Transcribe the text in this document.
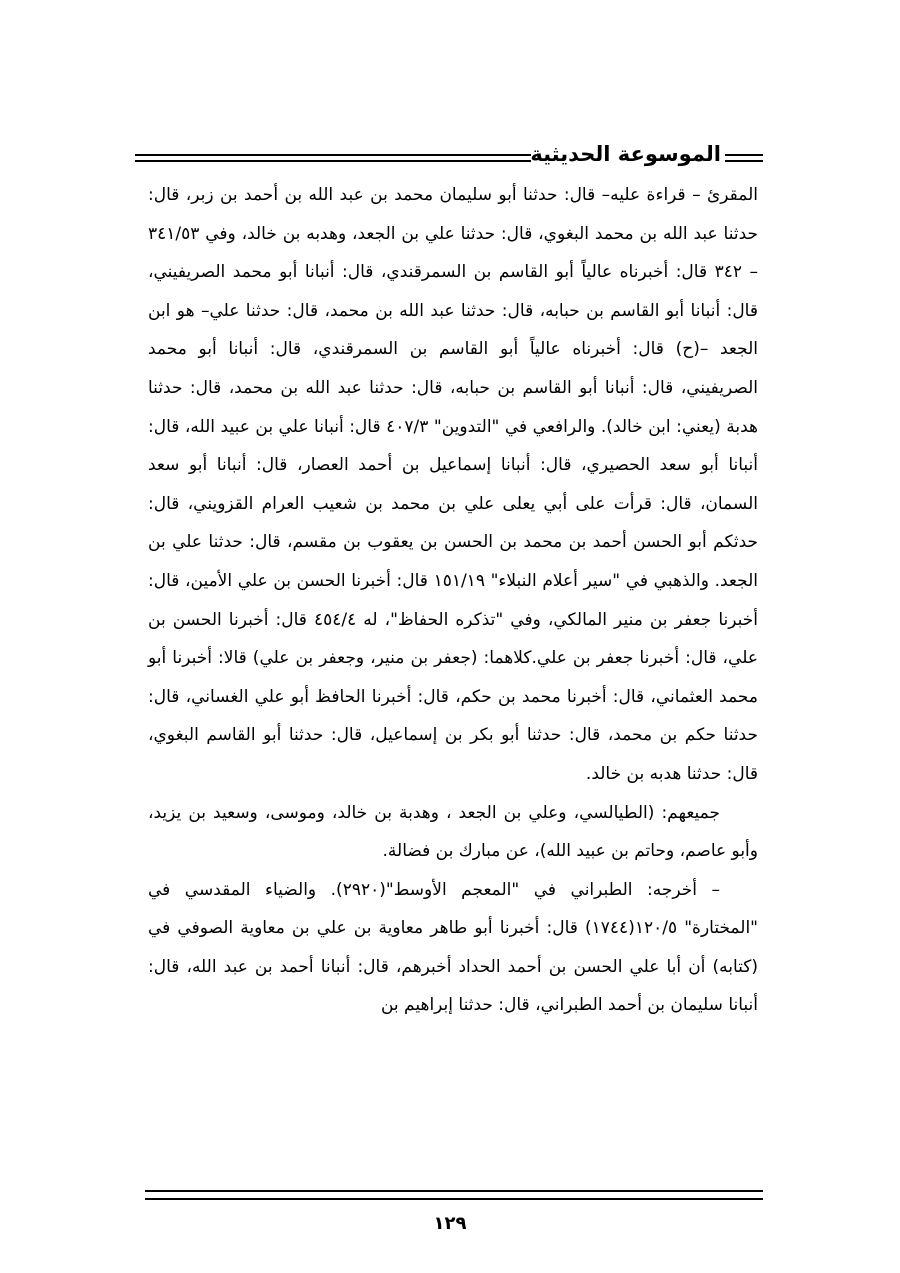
الموسوعة الحديثية

المقرئ – قراءة عليه– قال: حدثنا أبو سليمان محمد بن عبد الله بن أحمد بن زبر، قال: حدثنا عبد الله بن محمد البغوي، قال: حدثنا علي بن الجعد، وهدبه بن خالد، وفي ٣٤١/٥٣ – ٣٤٢ قال: أخبرناه عالياً أبو القاسم بن السمرقندي، قال: أنبانا أبو محمد الصريفيني، قال: أنبانا أبو القاسم بن حبابه، قال: حدثنا عبد الله بن محمد، قال: حدثنا علي– هو ابن الجعد –(ح) قال: أخبرناه عالياً أبو القاسم بن السمرقندي، قال: أنبانا أبو محمد الصريفيني، قال: أنبانا أبو القاسم بن حبابه، قال: حدثنا عبد الله بن محمد، قال: حدثنا هدبة (يعني: ابن خالد). والرافعي في "التدوين" ٤٠٧/٣ قال: أنبانا علي بن عبيد الله، قال: أنبانا أبو سعد الحصيري، قال: أنبانا إسماعيل بن أحمد العصار، قال: أنبانا أبو سعد السمان، قال: قرأت على أبي يعلى علي بن محمد بن شعيب العرام القزويني، قال: حدثكم أبو الحسن أحمد بن محمد بن الحسن بن يعقوب بن مقسم، قال: حدثنا علي بن الجعد. والذهبي في "سير أعلام النبلاء" ١٥١/١٩ قال: أخبرنا الحسن بن علي الأمين، قال: أخبرنا جعفر بن منير المالكي، وفي "تذكره الحفاظ"، له ٤٥٤/٤ قال: أخبرنا الحسن بن علي، قال: أخبرنا جعفر بن علي.كلاهما: (جعفر بن منير، وجعفر بن علي) قالا: أخبرنا أبو محمد العثماني، قال: أخبرنا محمد بن حكم، قال: أخبرنا الحافظ أبو علي الغساني، قال: حدثنا حكم بن محمد، قال: حدثنا أبو بكر بن إسماعيل، قال: حدثنا أبو القاسم البغوي، قال: حدثنا هدبه بن خالد.

جميعهم: (الطيالسي، وعلي بن الجعد ، وهدبة بن خالد، وموسى، وسعيد بن يزيد، وأبو عاصم، وحاتم بن عبيد الله)، عن مبارك بن فضالة.

– أخرجه: الطبراني في "المعجم الأوسط"(٢٩٢٠). والضياء المقدسي في "المختارة" ١٢٠/٥(١٧٤٤) قال: أخبرنا أبو طاهر معاوية بن علي بن معاوية الصوفي في (كتابه) أن أبا علي الحسن بن أحمد الحداد أخبرهم، قال: أنبانا أحمد بن عبد الله، قال: أنبانا سليمان بن أحمد الطبراني، قال: حدثنا إبراهيم بن

١٢٩
